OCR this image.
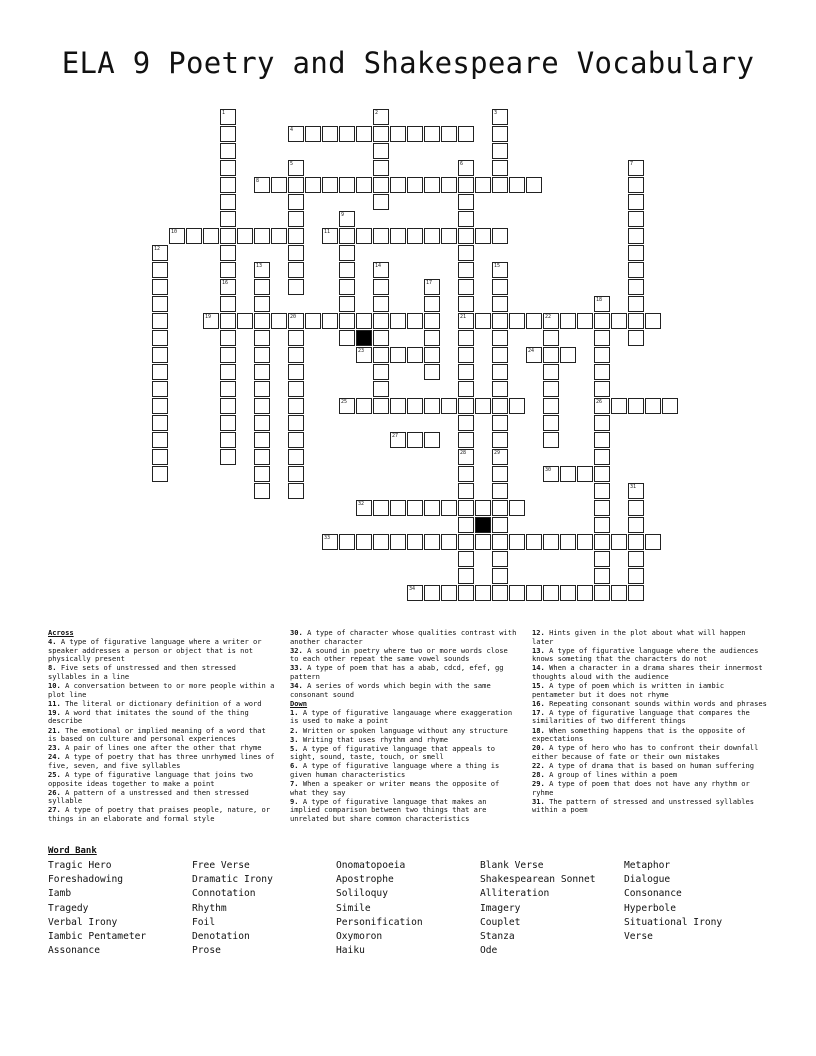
ELA 9 Poetry and Shakespeare Vocabulary
1	2	3
4
5	6	7
8
9
10	11
12
13	14	15
16	17
18
19	20	21	22
23	24
25	26
27
28	29
30
31
32
33
34

Across

4. A type of figurative language where a writer or speaker addresses a person or object that is not physically present

8. Five sets of unstressed and then stressed syllables in a line

10. A conversation between to or more people within a plot line

11. The literal or dictionary definition of a word

19. A word that imitates the sound of the thing describe

21. The emotional or implied meaning of a word that is based on culture and personal experiences

23. A pair of lines one after the other that rhyme

24. A type of poetry that has three unrhymed lines of five, seven, and five syllables

25. A type of figurative language that joins two opposite ideas together to make a point

26. A pattern of a unstressed and then stressed syllable

27. A type of poetry that praises people, nature, or things in an elaborate and formal style

30. A type of character whose qualities contrast with another character

32. A sound in poetry where two or more words close to each other repeat the same vowel sounds

33. A type of poem that has a abab, cdcd, efef, gg pattern

34. A series of words which begin with the same consonant sound

Down

1. A type of figurative langauage where exaggeration is used to make a point

2. Written or spoken language without any structure

3. Writing that uses rhythm and rhyme

5. A type of figurative language that appeals to sight, sound, taste, touch, or smell

6. A type of figurative language where a thing is given human characteristics

7. When a speaker or writer means the opposite of what they say

9. A type of figurative language that makes an implied comparison between two things that are unrelated but share common characteristics

12. Hints given in the plot about what will happen later

13. A type of figurative language where the audiences knows someting that the characters do not

14. When a character in a drama shares their innermost thoughts aloud with the audience

15. A type of poem which is written in iambic pentameter but it does not rhyme

16. Repeating consonant sounds within words and phrases

17. A type of figurative language that compares the similarities of two different things

18. When something happens that is the opposite of expectations

20. A type of hero who has to confront their downfall either because of fate or their own mistakes

22. A type of drama that is based on human suffering

28. A group of lines within a poem

29. A type of poem that does not have any rhythm or ryhme

31. The pattern of stressed and unstressed syllables within a poem

Word Bank
Tragic Hero	Free Verse	Onomatopoeia	Blank Verse	Metaphor
Foreshadowing	Dramatic Irony	Apostrophe	Shakespearean Sonnet	Dialogue
Iamb	Connotation	Soliloquy	Alliteration	Consonance
Tragedy	Rhythm	Simile	Imagery	Hyperbole
Verbal Irony	Foil	Personification	Couplet	Situational Irony
Iambic Pentameter	Denotation	Oxymoron	Stanza	Verse
Assonance	Prose	Haiku	Ode
